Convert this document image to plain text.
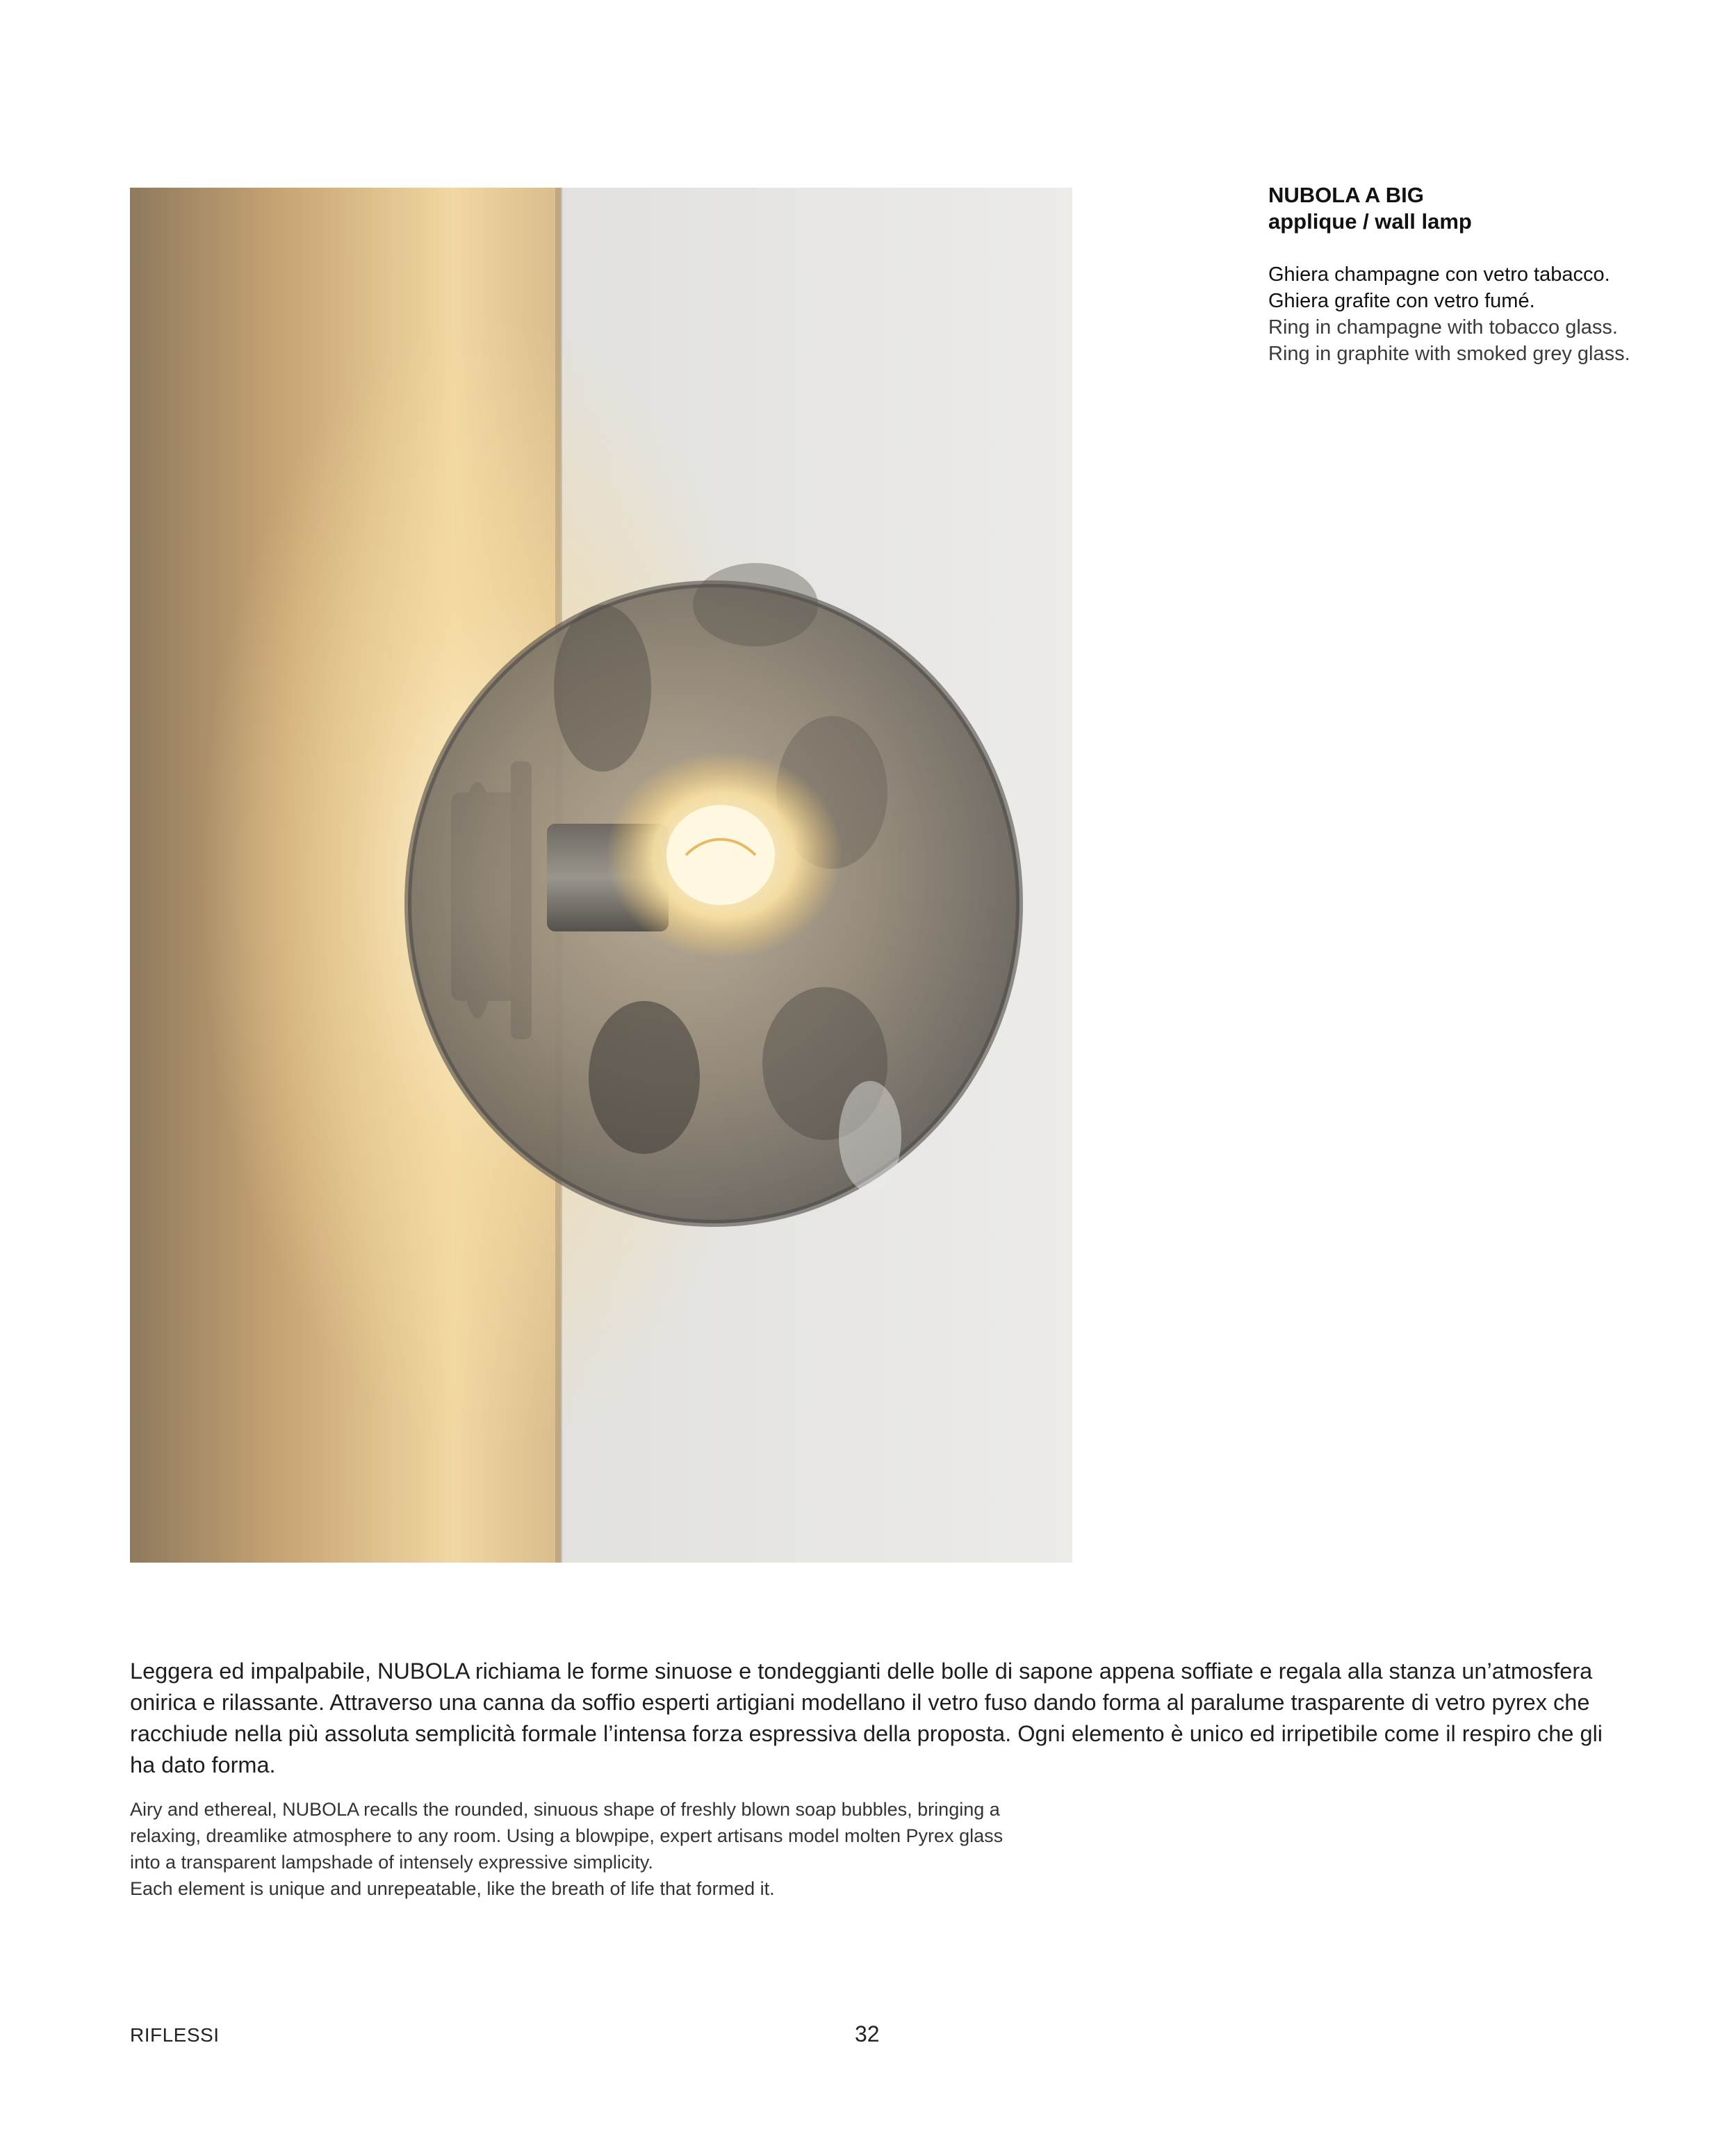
NUBOLA A BIG
applique / wall lamp
Ghiera champagne con vetro tabacco. Ghiera grafite con vetro fumé.
Ring in champagne with tobacco glass. Ring in graphite with smoked grey glass.
Leggera ed impalpabile, NUBOLA richiama le forme sinuose e tondeggianti delle bolle di sapone appena soffiate e regala alla stanza un’atmosfera onirica e rilassante. Attraverso una canna da soffio esperti artigiani modellano il vetro fuso dando forma al paralume trasparente di vetro pyrex che racchiude nella più assoluta semplicità formale l’intensa forza espressiva della proposta. Ogni elemento è unico ed irripetibile come il respiro che gli ha dato forma.
Airy and ethereal, NUBOLA recalls the rounded, sinuous shape of freshly blown soap bubbles, bringing a
relaxing, dreamlike atmosphere to any room. Using a blowpipe, expert artisans model molten Pyrex glass
into a transparent lampshade of intensely expressive simplicity.
Each element is unique and unrepeatable, like the breath of life that formed it.
RIFLESSI	32
